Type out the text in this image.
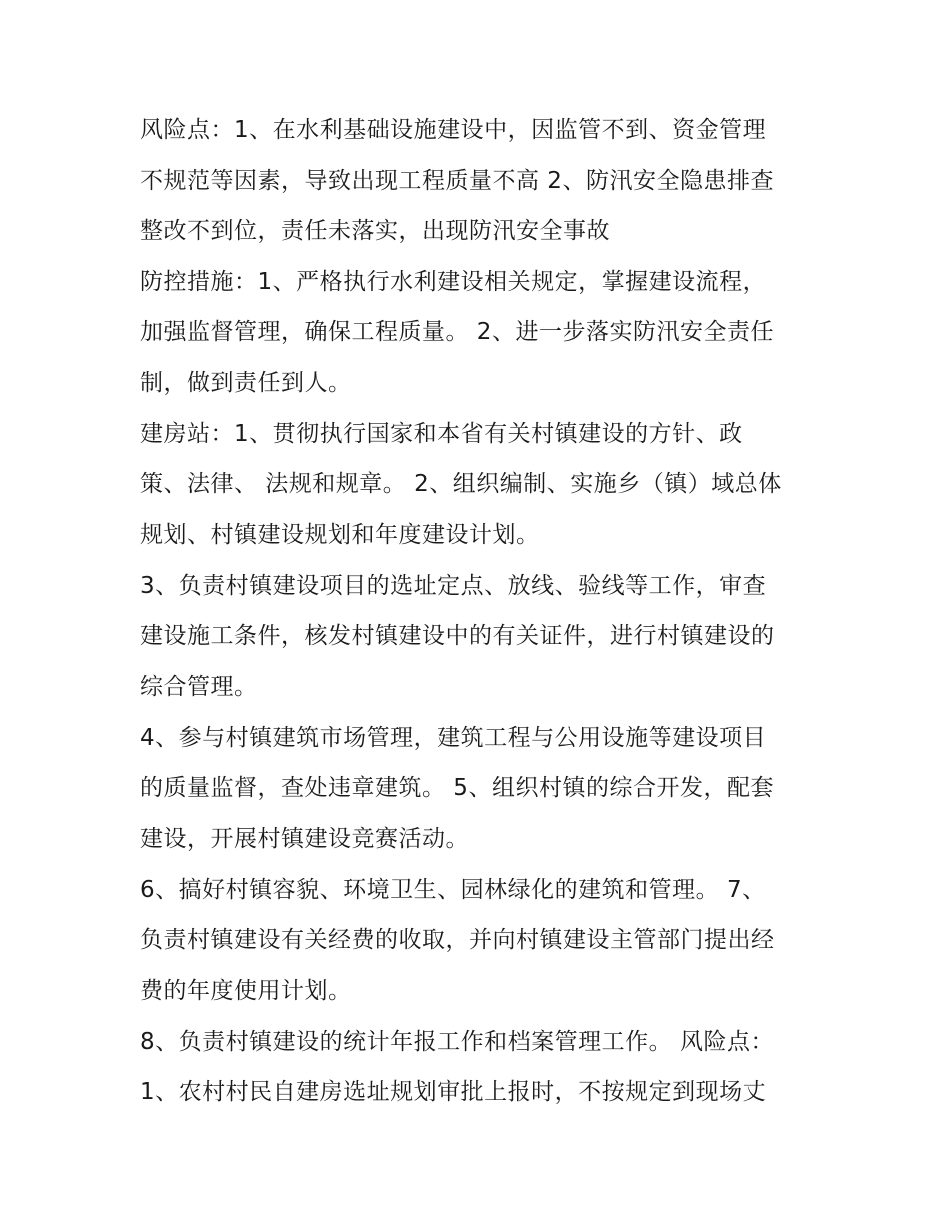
风险点：1、在水利基础设施建设中，因监管不到、资金管理
不规范等因素，导致出现工程质量不高 2、防汛安全隐患排查
整改不到位，责任未落实，出现防汛安全事故
防控措施：1、严格执行水利建设相关规定，掌握建设流程，
加强监督管理，确保工程质量。 2、进一步落实防汛安全责任
制，做到责任到人。
建房站：1、贯彻执行国家和本省有关村镇建设的方针、政
策、法律、 法规和规章。 2、组织编制、实施乡（镇）域总体
规划、村镇建设规划和年度建设计划。
3、负责村镇建设项目的选址定点、放线、验线等工作，审查
建设施工条件，核发村镇建设中的有关证件，进行村镇建设的
综合管理。
4、参与村镇建筑市场管理，建筑工程与公用设施等建设项目
的质量监督，查处违章建筑。 5、组织村镇的综合开发，配套
建设，开展村镇建设竞赛活动。
6、搞好村镇容貌、环境卫生、园林绿化的建筑和管理。 7、
负责村镇建设有关经费的收取，并向村镇建设主管部门提出经
费的年度使用计划。
8、负责村镇建设的统计年报工作和档案管理工作。 风险点：
1、农村村民自建房选址规划审批上报时，不按规定到现场丈
